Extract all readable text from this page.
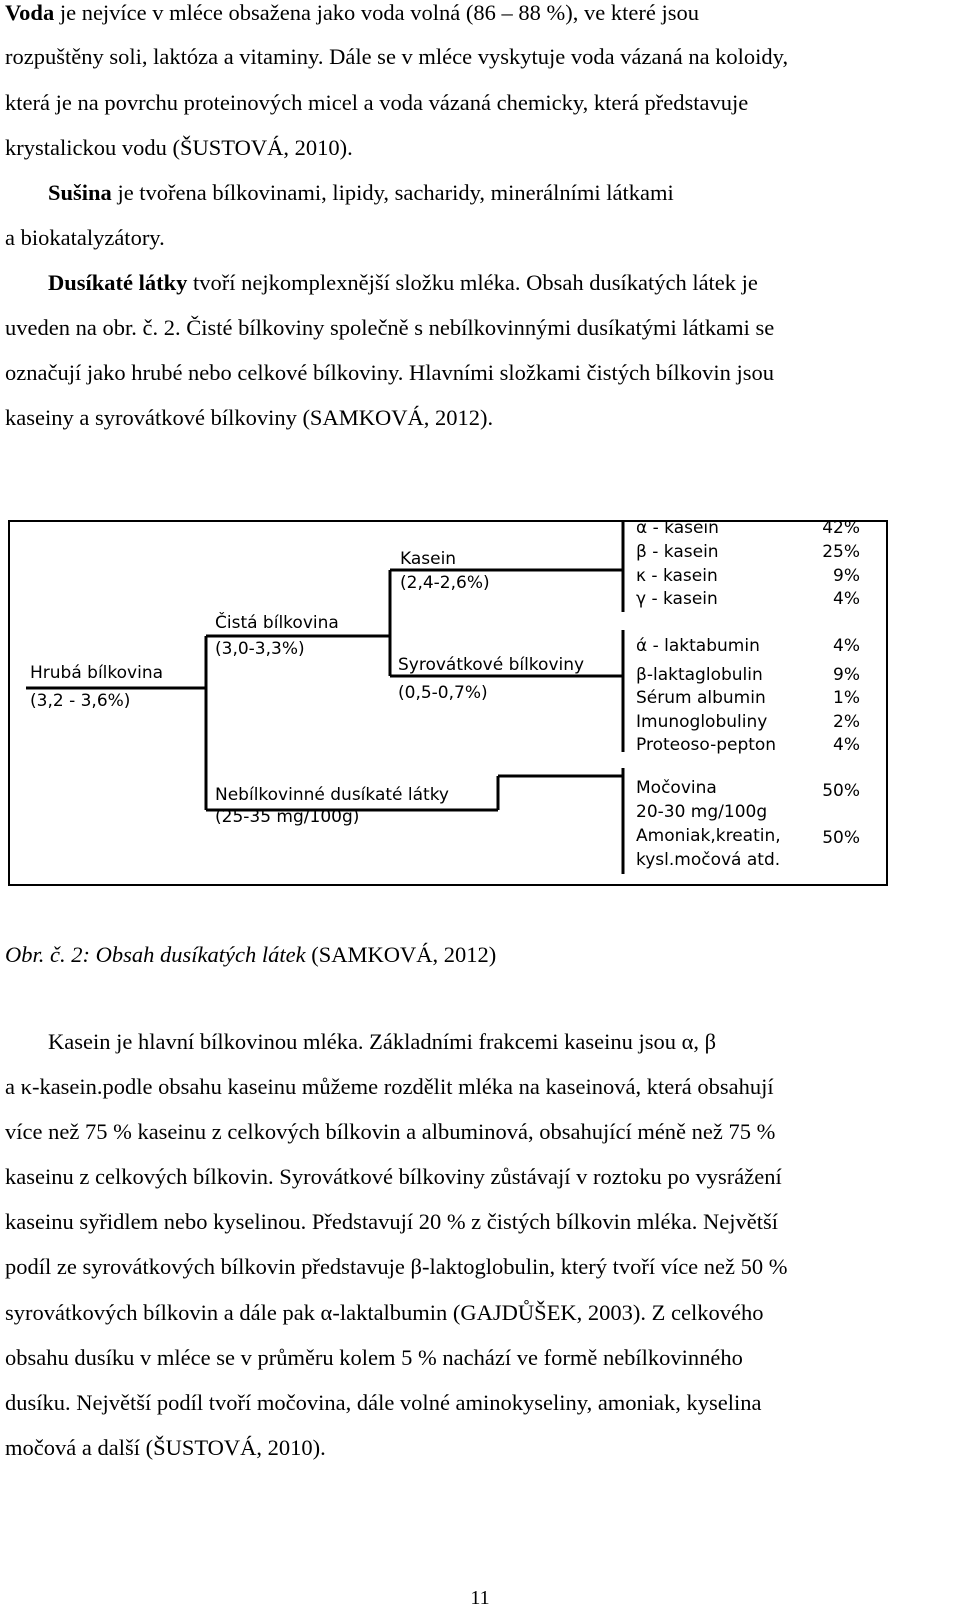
Voda je nejvíce v mléce obsažena jako voda volná (86 – 88 %), ve které jsou
rozpuštěny soli, laktóza a vitaminy. Dále se v mléce vyskytuje voda vázaná na koloidy,
která je na povrchu proteinových micel a voda vázaná chemicky, která představuje
krystalickou vodu (ŠUSTOVÁ, 2010).
Sušina je tvořena bílkovinami, lipidy, sacharidy, minerálními látkami
a biokatalyzátory.
Dusíkaté látky tvoří nejkomplexnější složku mléka. Obsah dusíkatých látek je
uveden na obr. č. 2. Čisté bílkoviny společně s nebílkovinnými dusíkatými látkami se
označují jako hrubé nebo celkové bílkoviny. Hlavními složkami čistých bílkovin jsou
kaseiny a syrovátkové bílkoviny (SAMKOVÁ, 2012).
Hrubá bílkovina
(3,2 - 3,6%)
Čistá bílkovina
(3,0-3,3%)
Kasein
(2,4-2,6%)
Syrovátkové bílkoviny
(0,5-0,7%)
Nebílkovinné dusíkaté látky
(25-35 mg/100g)
α - kasein	42%
β - kasein	25%
κ - kasein	9%
γ - kasein	4%
ά - laktabumin	4%
β-laktaglobulin	9%
Sérum albumin	1%
Imunoglobuliny	2%
Proteoso-pepton	4%
Močovina	50%
20-30 mg/100g
Amoniak,kreatin, 50%
kysl.močová atd.
Obr. č. 2: Obsah dusíkatých látek (SAMKOVÁ, 2012)
Kasein je hlavní bílkovinou mléka. Základními frakcemi kaseinu jsou α, β
a κ-kasein.podle obsahu kaseinu můžeme rozdělit mléka na kaseinová, která obsahují
více než 75 % kaseinu z celkových bílkovin a albuminová, obsahující méně než 75 %
kaseinu z celkových bílkovin. Syrovátkové bílkoviny zůstávají v roztoku po vysrážení
kaseinu syřidlem nebo kyselinou. Představují 20 % z čistých bílkovin mléka. Největší
podíl ze syrovátkových bílkovin představuje β-laktoglobulin, který tvoří více než 50 %
syrovátkových bílkovin a dále pak α-laktalbumin (GAJDŮŠEK, 2003). Z celkového
obsahu dusíku v mléce se v průměru kolem 5 % nachází ve formě nebílkovinného
dusíku. Největší podíl tvoří močovina, dále volné aminokyseliny, amoniak, kyselina
močová a další (ŠUSTOVÁ, 2010).
11
